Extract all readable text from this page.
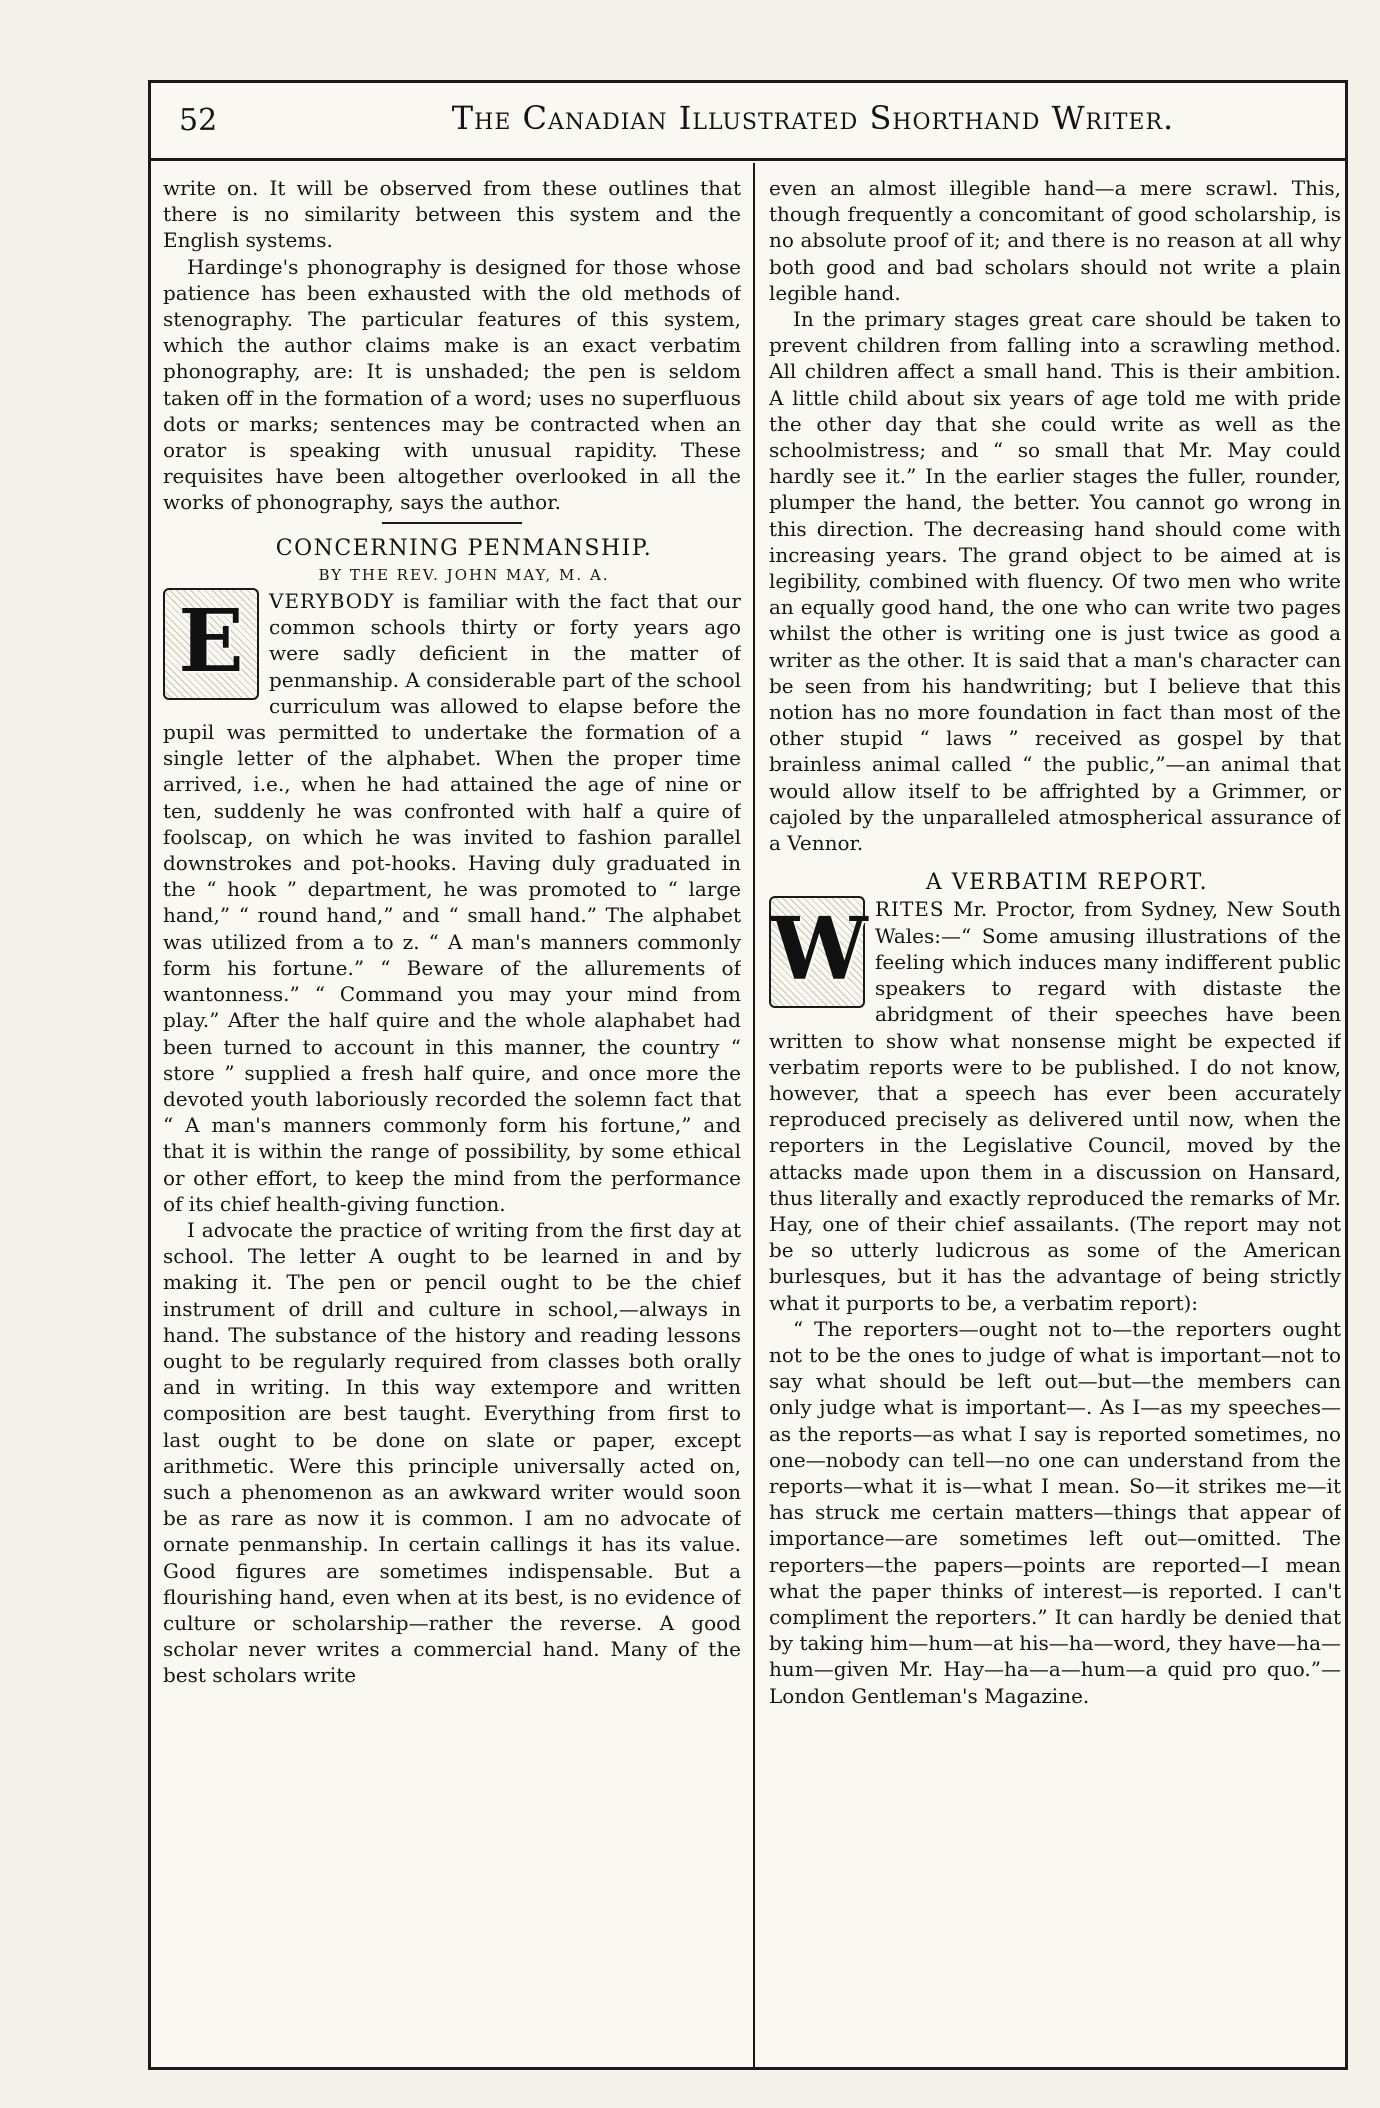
52	The Canadian Illustrated Shorthand Writer.

write on. It will be observed from these outlines that there is no similarity between this system and the English systems.

Hardinge's phonography is designed for those whose patience has been exhausted with the old methods of stenography. The particular features of this system, which the author claims make is an exact verbatim phonography, are: It is unshaded; the pen is seldom taken off in the formation of a word; uses no superfluous dots or marks; sentences may be contracted when an orator is speaking with unusual rapidity. These requisites have been altogether overlooked in all the works of phonography, says the author.

CONCERNING PENMANSHIP.

BY THE REV. JOHN MAY, M. A.

E	VERYBODY is familiar with the fact that our common schools thirty or forty years ago were sadly deficient in the matter of penmanship. A considerable part of the school curriculum was allowed to elapse before the pupil was permitted to undertake the formation of a single letter of the alphabet. When the proper time arrived, i.e., when he had attained the age of nine or ten, suddenly he was confronted with half a quire of foolscap, on which he was invited to fashion parallel downstrokes and pot-hooks. Having duly graduated in the “ hook ” department, he was promoted to “ large hand,” “ round hand,” and “ small hand.” The alphabet was utilized from a to z. “ A man's manners commonly form his fortune.” “ Beware of the allurements of wantonness.” “ Command you may your mind from play.” After the half quire and the whole alaphabet had been turned to account in this manner, the country “ store ” supplied a fresh half quire, and once more the devoted youth laboriously recorded the solemn fact that “ A man's manners commonly form his fortune,” and that it is within the range of possibility, by some ethical or other effort, to keep the mind from the performance of its chief health-giving function.

I advocate the practice of writing from the first day at school. The letter A ought to be learned in and by making it. The pen or pencil ought to be the chief instrument of drill and culture in school,—always in hand. The substance of the history and reading lessons ought to be regularly required from classes both orally and in writing. In this way extempore and written composition are best taught. Everything from first to last ought to be done on slate or paper, except arithmetic. Were this principle universally acted on, such a phenomenon as an awkward writer would soon be as rare as now it is common. I am no advocate of ornate penmanship. In certain callings it has its value. Good figures are sometimes indispensable. But a flourishing hand, even when at its best, is no evidence of culture or scholarship—rather the reverse. A good scholar never writes a commercial hand. Many of the best scholars write

even an almost illegible hand—a mere scrawl. This, though frequently a concomitant of good scholarship, is no absolute proof of it; and there is no reason at all why both good and bad scholars should not write a plain legible hand.

In the primary stages great care should be taken to prevent children from falling into a scrawling method. All children affect a small hand. This is their ambition. A little child about six years of age told me with pride the other day that she could write as well as the schoolmistress; and “ so small that Mr. May could hardly see it.” In the earlier stages the fuller, rounder, plumper the hand, the better. You cannot go wrong in this direction. The decreasing hand should come with increasing years. The grand object to be aimed at is legibility, combined with fluency. Of two men who write an equally good hand, the one who can write two pages whilst the other is writing one is just twice as good a writer as the other. It is said that a man's character can be seen from his handwriting; but I believe that this notion has no more foundation in fact than most of the other stupid “ laws ” received as gospel by that brainless animal called “ the public,”—an animal that would allow itself to be affrighted by a Grimmer, or cajoled by the unparalleled atmospherical assurance of a Vennor.

A VERBATIM REPORT.

W RITES Mr. Proctor, from Sydney, New South Wales:—“ Some amusing illustrations of the feeling which induces many indifferent public speakers to regard with distaste the abridgment of their speeches have been written to show what nonsense might be expected if verbatim reports were to be published. I do not know, however, that a speech has ever been accurately reproduced precisely as delivered until now, when the reporters in the Legislative Council, moved by the attacks made upon them in a discussion on Hansard, thus literally and exactly reproduced the remarks of Mr. Hay, one of their chief assailants. (The report may not be so utterly ludicrous as some of the American burlesques, but it has the advantage of being strictly what it purports to be, a verbatim report):

“ The reporters—ought not to—the reporters ought not to be the ones to judge of what is important—not to say what should be left out—but—the members can only judge what is important—. As I—as my speeches—as the reports—as what I say is reported sometimes, no one—nobody can tell—no one can understand from the reports—what it is—what I mean. So—it strikes me—it has struck me certain matters—things that appear of importance—are sometimes left out—omitted. The reporters—the papers—points are reported—I mean what the paper thinks of interest—is reported. I can't compliment the reporters.” It can hardly be denied that by taking him—hum—at his—ha—word, they have—ha—hum—given Mr. Hay—ha—a—hum—a quid pro quo.”—London Gentleman's Magazine.
